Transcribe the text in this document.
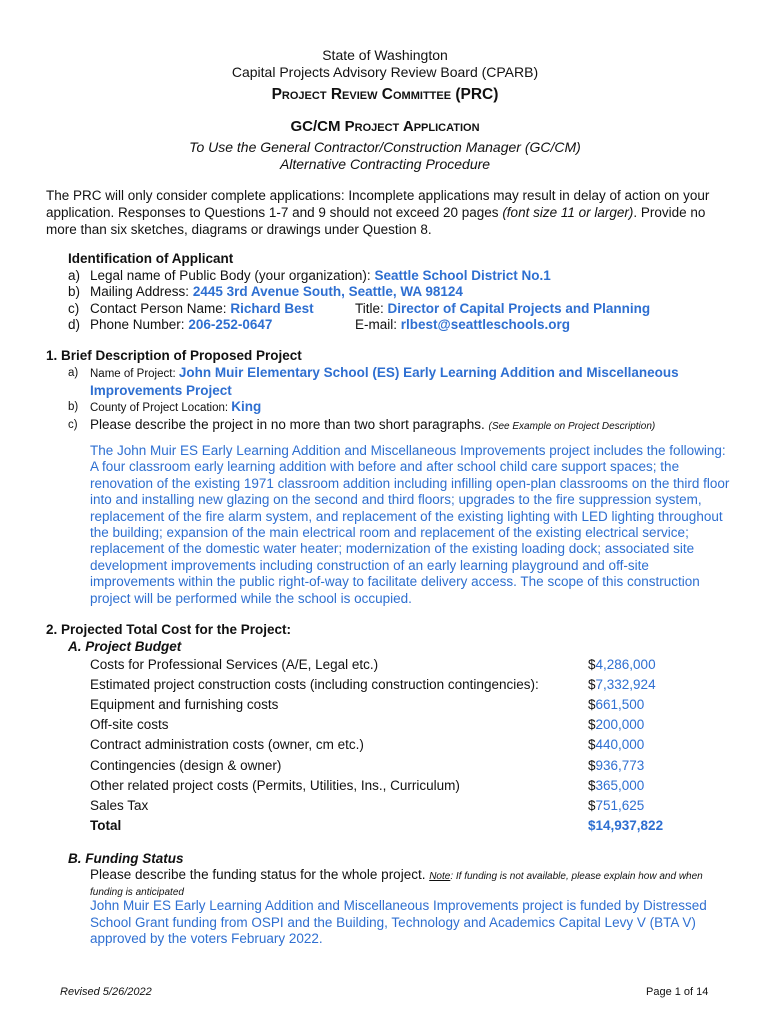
State of Washington
Capital Projects Advisory Review Board (CPARB)
Project Review Committee (PRC)
GC/CM Project Application
To Use the General Contractor/Construction Manager (GC/CM)
Alternative Contracting Procedure
The PRC will only consider complete applications: Incomplete applications may result in delay of action on your application. Responses to Questions 1-7 and 9 should not exceed 20 pages (font size 11 or larger). Provide no more than six sketches, diagrams or drawings under Question 8.
Identification of Applicant
a) Legal name of Public Body (your organization):
Seattle School District No.1
b) Mailing Address:
2445 3rd Avenue South, Seattle, WA 98124
c) Contact Person Name: Richard Best	Title:
Director of Capital Projects and Planning
d) Phone Number: 206-252-0647	E-mail:
rlbest@seattleschools.org
1. Brief Description of Proposed Project
a)	Name of Project: John Muir Elementary School (ES) Early Learning Addition and Miscellaneous Improvements Project
b)	County of Project Location: King
c) Please describe the project in no more than two short paragraphs. (See Example on Project Description)
The John Muir ES Early Learning Addition and Miscellaneous Improvements project includes the following: A four classroom early learning addition with before and after school child care support spaces; the renovation of the existing 1971 classroom addition including infilling open-plan classrooms on the third floor into and installing new glazing on the second and third floors; upgrades to the fire suppression system, replacement of the fire alarm system, and replacement of the existing lighting with LED lighting throughout the building; expansion of the main electrical room and replacement of the existing electrical service; replacement of the domestic water heater; modernization of the existing loading dock; associated site development improvements including construction of an early learning playground and off-site improvements within the public right-of-way to facilitate delivery access. The scope of this construction project will be performed while the school is occupied.
2. Projected Total Cost for the Project:
A. Project Budget
Costs for Professional Services (A/E, Legal etc.)	$4,286,000
Estimated project construction costs (including construction contingencies):	$7,332,924
Equipment and furnishing costs	$661,500
Off-site costs	$200,000
Contract administration costs (owner, cm etc.)	$440,000
Contingencies (design & owner)	$936,773
Other related project costs (Permits, Utilities, Ins., Curriculum)	$365,000
Sales Tax	$751,625
Total	$14,937,822
B. Funding Status
Please describe the funding status for the whole project. Note: If funding is not available, please explain how and when funding is anticipated
John Muir ES Early Learning Addition and Miscellaneous Improvements project is funded by Distressed School Grant funding from OSPI and the Building, Technology and Academics Capital Levy V (BTA V) approved by the voters February 2022.
Revised 5/26/2022	Page 1 of 14
